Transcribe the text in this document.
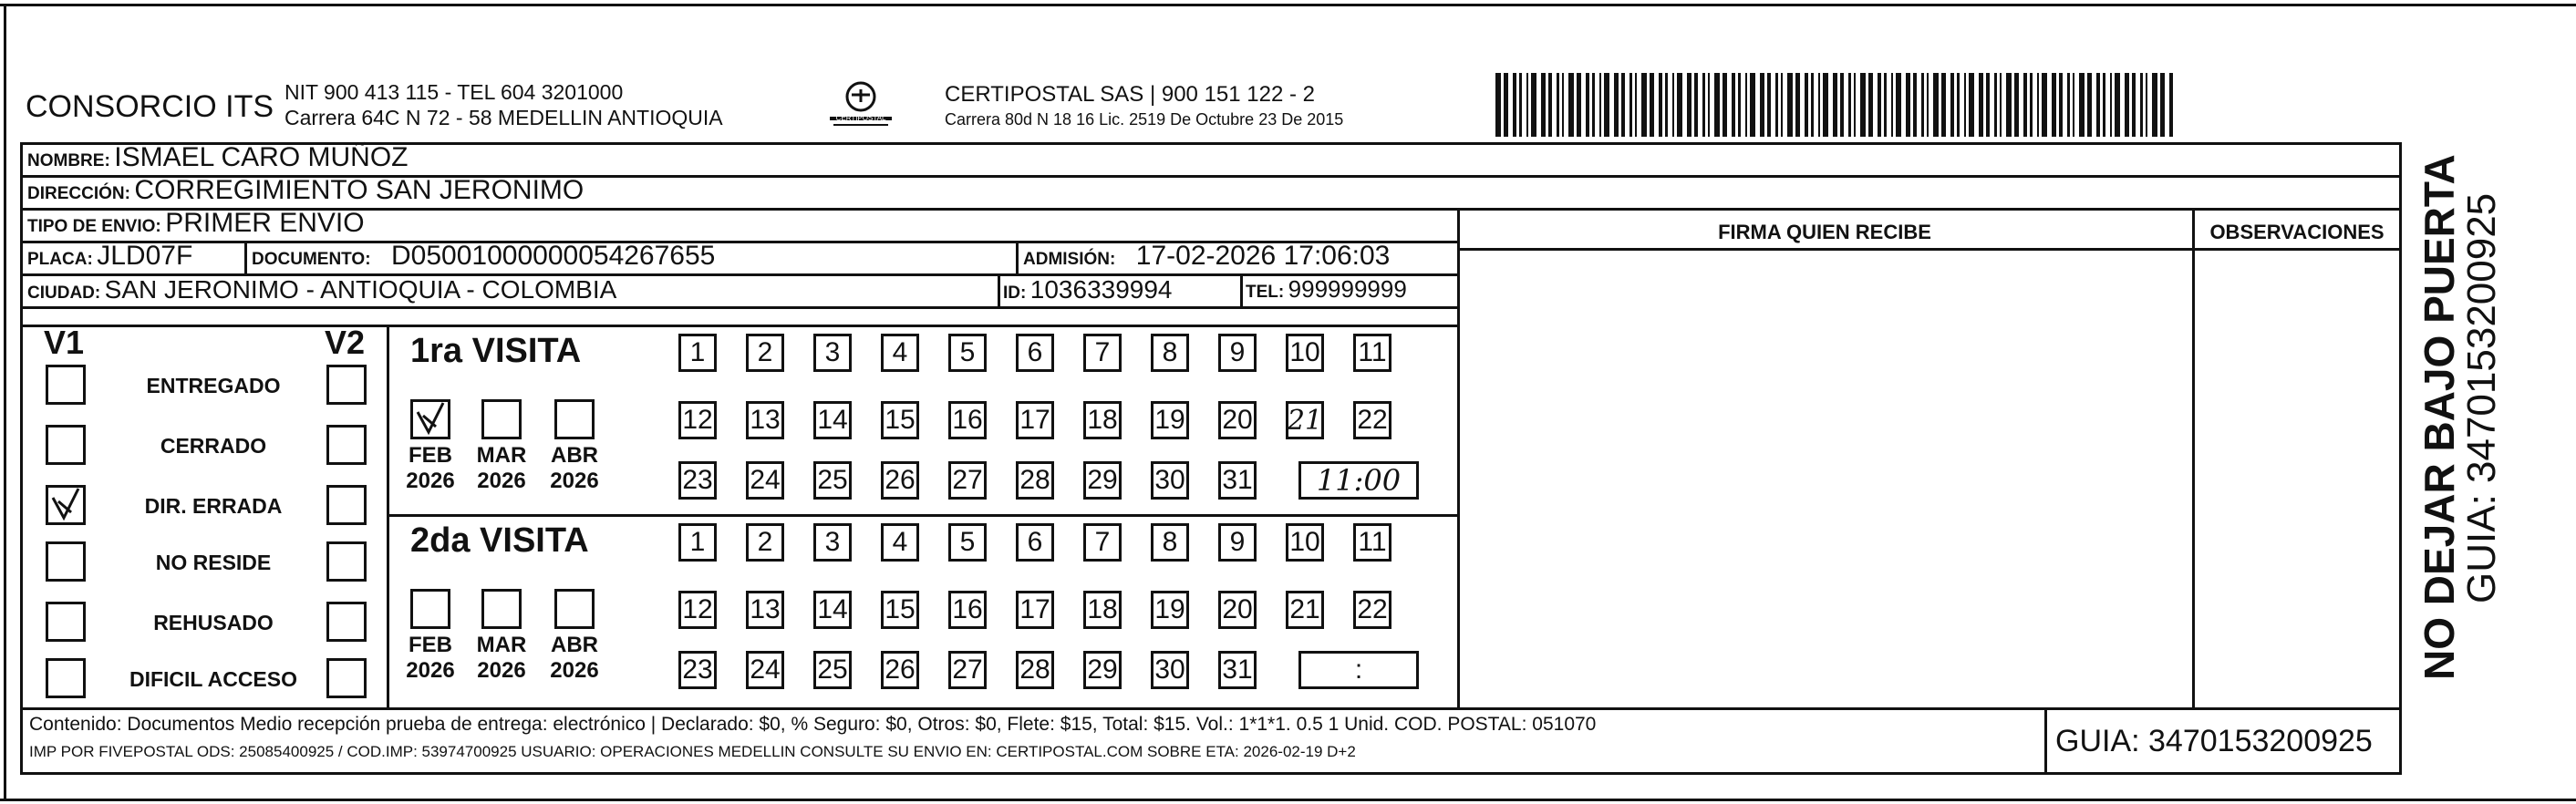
CONSORCIO ITS NIT 900 413 115 - TEL 604 3201000
Carrera 64C N 72 - 58 MEDELLIN ANTIOQUIA	CERTIPOSTAL
CERTIPOSTAL SAS | 900 151 122 - 2
Carrera 80d N 18 16 Lic. 2519 De Octubre 23 De 2015
NOMBRE: ISMAEL CARO MUÑOZ
DIRECCIÓN: CORREGIMIENTO SAN JERONIMO
TIPO DE ENVIO: PRIMER ENVIO
PLACA: JLD07F	DOCUMENTO: D05001000000054267655	ADMISIÓN: 17-02-2026 17:06:03
CIUDAD: SAN JERONIMO - ANTIOQUIA - COLOMBIA	ID: 1036339994	TEL: 999999999
FIRMA QUIEN RECIBE	OBSERVACIONES
V1	V2
ENTREGADO
CERRADO
DIR. ERRADA
NO RESIDE
REHUSADO
DIFICIL ACCESO
1ra VISITA
FEB
2026
MAR
2026
ABR
2026
1 2 3 4 5 6 7 8 9 10 11
12 13 14 15 16 17 18 19 20 21 22
23 24 25 26 27 28 29 30 31 11:00
2da VISITA
FEB
2026
MAR
2026
ABR
2026
1 2 3 4 5 6 7 8 9 10 11
12 13 14 15 16 17 18 19 20 21 22
23 24 25 26 27 28 29 30 31	:
Contenido: Documentos Medio recepción prueba de entrega: electrónico | Declarado: $0, % Seguro: $0, Otros: $0, Flete: $15, Total: $15. Vol.: 1*1*1. 0.5 1 Unid. COD. POSTAL: 051070
IMP POR FIVEPOSTAL ODS: 25085400925 / COD.IMP: 53974700925 USUARIO: OPERACIONES MEDELLIN CONSULTE SU ENVIO EN: CERTIPOSTAL.COM SOBRE ETA: 2026-02-19 D+2	GUIA: 3470153200925
NO DEJAR BAJO PUERTA
GUIA: 3470153200925
